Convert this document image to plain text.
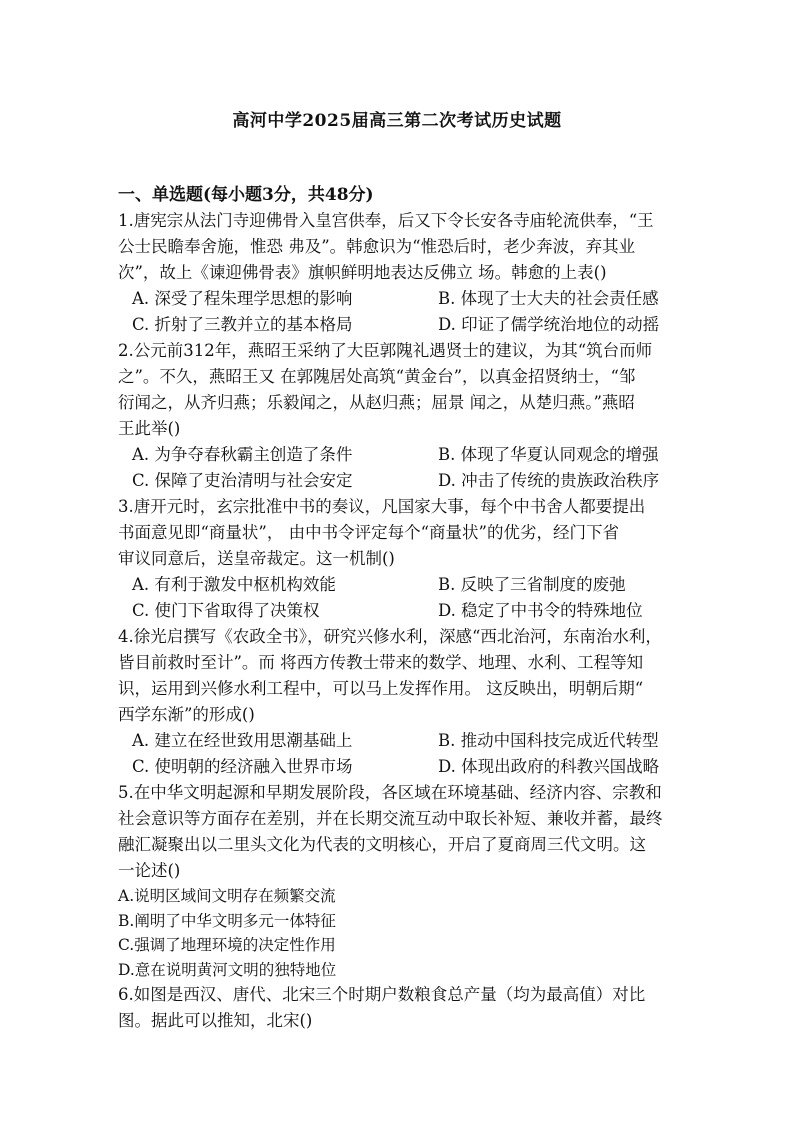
高河中学2025届高三第二次考试历史试题
一、单选题(每小题3分，共48分)
1.唐宪宗从法门寺迎佛骨入皇宫供奉，后又下令长安各寺庙轮流供奉，“王
公士民瞻奉舍施，惟恐 弗及”。韩愈识为“惟恐后时，老少奔波，弃其业
次”，故上《谏迎佛骨表》旗帜鲜明地表达反佛立 场。韩愈的上表()
A. 深受了程朱理学思想的影响	B. 体现了士大夫的社会责任感
C. 折射了三教并立的基本格局	D. 印证了儒学统治地位的动摇
2.公元前312年，燕昭王采纳了大臣郭隗礼遇贤士的建议，为其“筑台而师
之”。不久，燕昭王又 在郭隗居处高筑“黄金台”，以真金招贤纳士，“邹
衍闻之，从齐归燕；乐毅闻之，从赵归燕；屈景 闻之，从楚归燕。”燕昭
王此举()
A. 为争夺春秋霸主创造了条件	B. 体现了华夏认同观念的增强
C. 保障了吏治清明与社会安定	D. 冲击了传统的贵族政治秩序
3.唐开元时，玄宗批准中书的奏议，凡国家大事，每个中书舍人都要提出
书面意见即“商量状”， 由中书令评定每个“商量状”的优劣，经门下省
审议同意后，送皇帝裁定。这一机制()
A. 有利于激发中枢机构效能	B. 反映了三省制度的废弛
C. 使门下省取得了决策权	D. 稳定了中书令的特殊地位
4.徐光启撰写《农政全书》，研究兴修水利，深感“西北治河，东南治水利，
皆目前救时至计”。而 将西方传教士带来的数学、地理、水利、工程等知
识，运用到兴修水利工程中，可以马上发挥作用。 这反映出，明朝后期“
西学东渐”的形成()
A. 建立在经世致用思潮基础上	B. 推动中国科技完成近代转型
C. 使明朝的经济融入世界市场	D. 体现出政府的科教兴国战略
5.在中华文明起源和早期发展阶段，各区域在环境基础、经济内容、宗教和
社会意识等方面存在差别，并在长期交流互动中取长补短、兼收并蓄，最终
融汇凝聚出以二里头文化为代表的文明核心，开启了夏商周三代文明。这
一论述()
A.说明区域间文明存在频繁交流
B.阐明了中华文明多元一体特征
C.强调了地理环境的决定性作用
D.意在说明黄河文明的独特地位
6.如图是西汉、唐代、北宋三个时期户数粮食总产量（均为最高值）对比
图。据此可以推知，北宋()
